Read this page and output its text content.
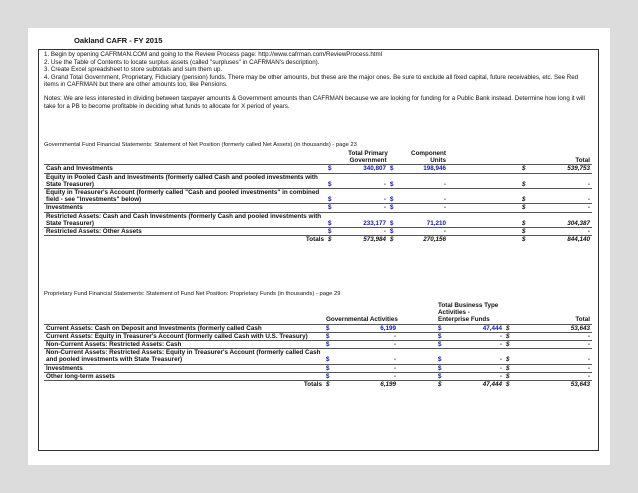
Oakland CAFR - FY 2015
1. Begin by opening CAFRMAN.COM and going to the Review Process page: http://www.cafrman.com/ReviewProcess.html
2. Use the Table of Contents to locate surplus assets (called "surpluses" in CAFRMAN's description).
3. Create Excel spreadsheet to store subtotals and sum them up.
4. Grand Total Government, Proprietary, Fiduciary (pension) funds. There may be other amounts, but these are the major ones. Be sure to exclude all fixed capital, future receivables, etc. See Red items in CAFRMAN but there are other amounts too, like Pensions.
Notes: We are less interested in dividing between taxpayer amounts & Government amounts than CAFRMAN because we are looking for funding for a Public Bank instead. Determine how long it will take for a PB to become profitable in deciding what funds to allocate for X period of years.
Governmental Fund Financial Statements: Statement of Net Position (formerly called Net Assets) (in thousands) - page 23
		Total Primary Government		Component Units			Total
Cash and Investments	$	340,807	$	198,946		$	539,753
Equity in Pooled Cash and Investments (formerly called Cash and pooled investments with State Treasurer)	$	-	$	-		$	-
Equity in Treasurer's Account (formerly called "Cash and pooled investments" in combined field - see "Investments" below)	$	-	$	-		$	-
Investments	$	-	$	-		$	-
Restricted Assets: Cash and Cash Investments (formerly Cash and pooled investments with State Treasurer)	$	233,177	$	71,210		$	304,387
Restricted Assets: Other Assets	$	-	$	-		$	-
Totals	$	573,984	$	270,156		$	844,140
Proprietary Fund Financial Statements: Statement of Fund Net Position: Proprietary Funds (in thousands) - page 29
	Governmental Activities		Total Business Type Activities - Enterprise Funds			Total
Current Assets: Cash on Deposit and Investments (formerly called Cash	$	6,199	$	47,444	$	53,643
Current Assets: Equity in Treasurer's Account (formerly called Cash with U.S. Treasury)	$	-	$	-	$	-
Non-Current Assets: Restricted Assets: Cash	$	-	$	-	$	-
Non-Current Assets: Restricted Assets: Equity in Treasurer's Account (formerly called Cash and pooled investments with State Treasurer)	$	-	$	-	$	-
Investments	$	-	$	-	$	-
Other long-term assets	$	-	$	-	$	-
Totals	$	6,199	$	47,444	$	53,643
